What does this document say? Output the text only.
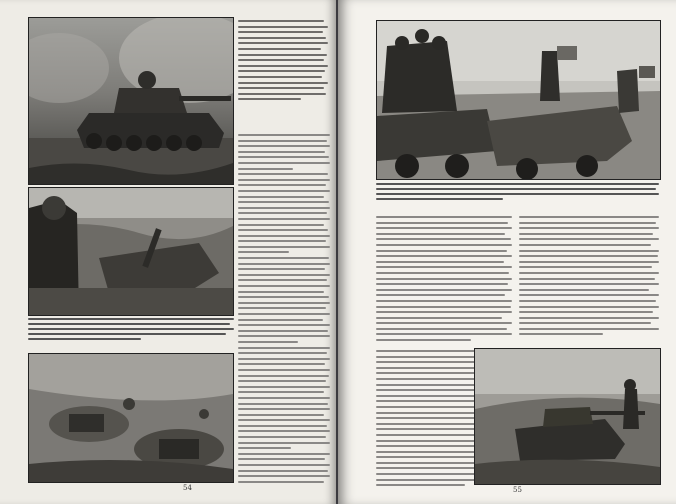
54	55
